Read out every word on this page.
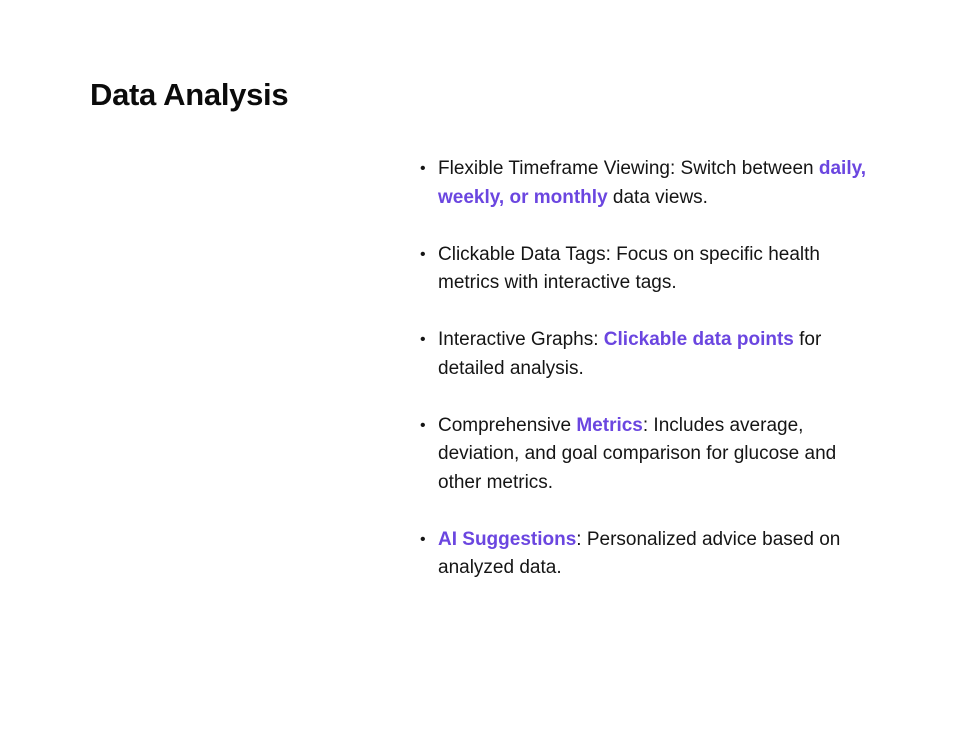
Data Analysis
• Flexible Timeframe Viewing: Switch between daily, weekly, or monthly data views.
• Clickable Data Tags: Focus on specific health metrics with interactive tags.
• Interactive Graphs: Clickable data points for detailed analysis.
• Comprehensive Metrics: Includes average, deviation, and goal comparison for glucose and other metrics.
• AI Suggestions: Personalized advice based on analyzed data.
